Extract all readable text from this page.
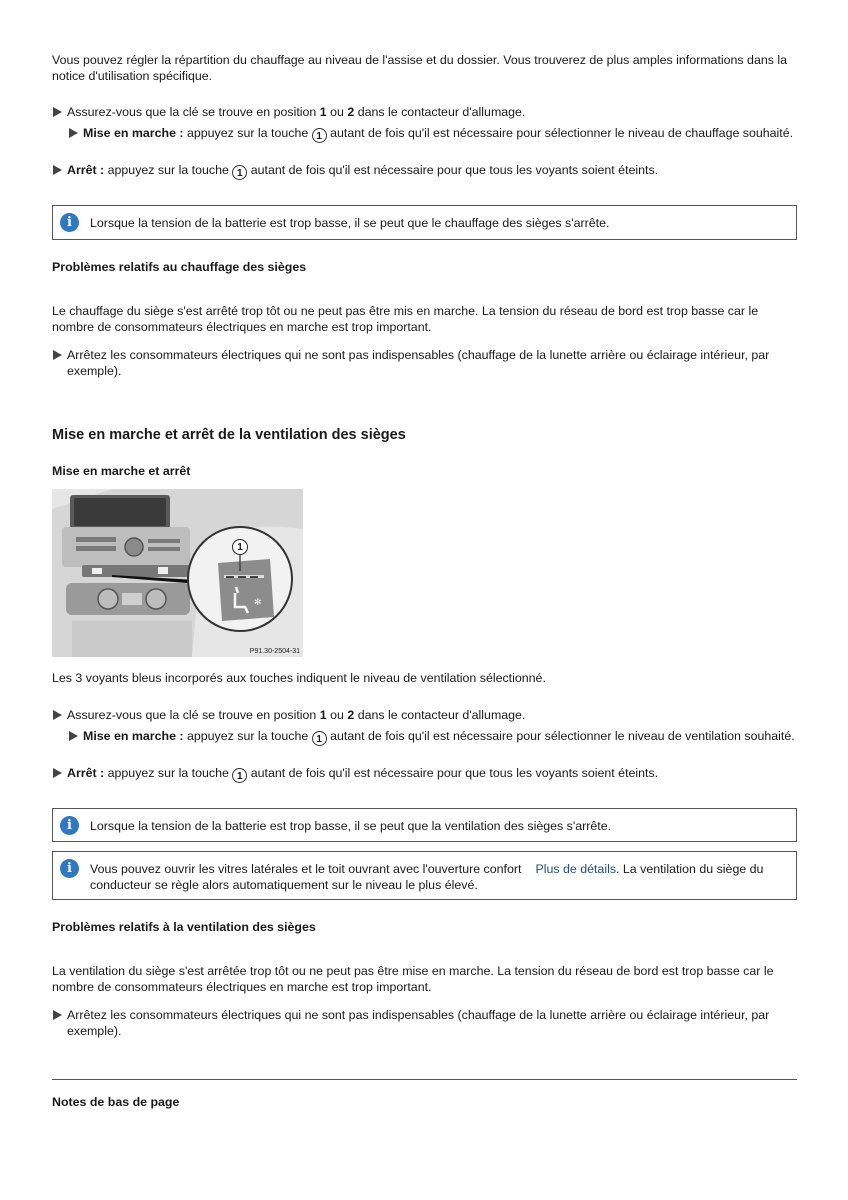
Vous pouvez régler la répartition du chauffage au niveau de l'assise et du dossier. Vous trouverez de plus amples informations dans la notice d'utilisation spécifique.

Assurez-vous que la clé se trouve en position 1 ou 2 dans le contacteur d'allumage.
Mise en marche : appuyez sur la touche 1 autant de fois qu'il est nécessaire pour sélectionner le niveau de chauffage souhaité.
Arrêt : appuyez sur la touche 1 autant de fois qu'il est nécessaire pour que tous les voyants soient éteints.
i	Lorsque la tension de la batterie est trop basse, il se peut que le chauffage des sièges s'arrête.

Problèmes relatifs au chauffage des sièges

Le chauffage du siège s'est arrêté trop tôt ou ne peut pas être mis en marche. La tension du réseau de bord est trop basse car le nombre de consommateurs électriques en marche est trop important.

Arrêtez les consommateurs électriques qui ne sont pas indispensables (chauffage de la lunette arrière ou éclairage intérieur, par exemple).

Mise en marche et arrêt de la ventilation des sièges

Mise en marche et arrêt

✻
1
P91.30-2504-31

Les 3 voyants bleus incorporés aux touches indiquent le niveau de ventilation sélectionné.

Assurez-vous que la clé se trouve en position 1 ou 2 dans le contacteur d'allumage.
Mise en marche : appuyez sur la touche 1 autant de fois qu'il est nécessaire pour sélectionner le niveau de ventilation souhaité.
Arrêt : appuyez sur la touche 1 autant de fois qu'il est nécessaire pour que tous les voyants soient éteints.
i	Lorsque la tension de la batterie est trop basse, il se peut que la ventilation des sièges s'arrête.
i	Vous pouvez ouvrir les vitres latérales et le toit ouvrant avec l'ouverture confort Plus de détails. La ventilation du siège du conducteur se règle alors automatiquement sur le niveau le plus élevé.

Problèmes relatifs à la ventilation des sièges

La ventilation du siège s'est arrêtée trop tôt ou ne peut pas être mise en marche. La tension du réseau de bord est trop basse car le nombre de consommateurs électriques en marche est trop important.

Arrêtez les consommateurs électriques qui ne sont pas indispensables (chauffage de la lunette arrière ou éclairage intérieur, par exemple).

Notes de bas de page
